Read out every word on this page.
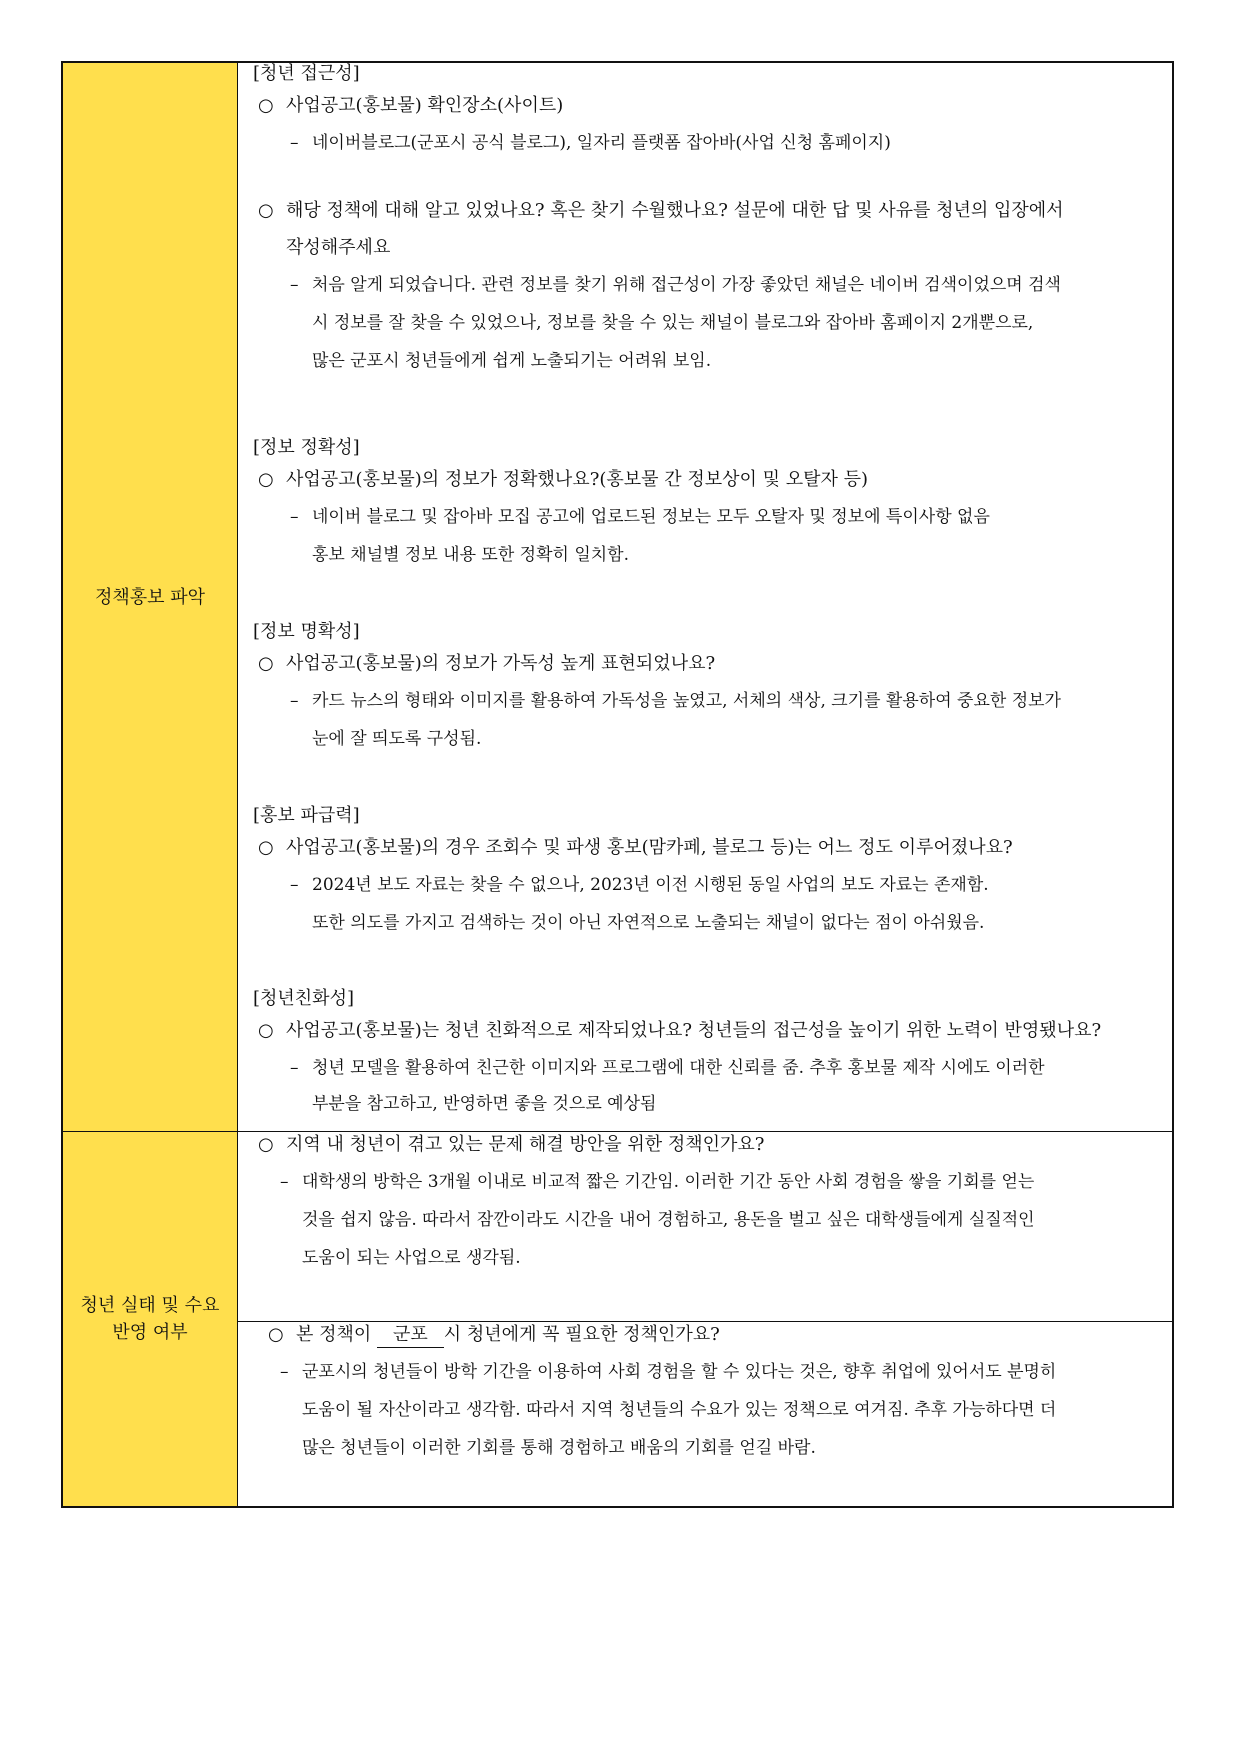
정책홍보 파악
[청년 접근성]
○ 사업공고(홍보물) 확인장소(사이트)
– 네이버블로그(군포시 공식 블로그), 일자리 플랫폼 잡아바(사업 신청 홈페이지)
○ 해당 정책에 대해 알고 있었나요? 혹은 찾기 수월했나요? 설문에 대한 답 및 사유를 청년의 입장에서
작성해주세요
– 처음 알게 되었습니다. 관련 정보를 찾기 위해 접근성이 가장 좋았던 채널은 네이버 검색이었으며 검색
시 정보를 잘 찾을 수 있었으나, 정보를 찾을 수 있는 채널이 블로그와 잡아바 홈페이지 2개뿐으로,
많은 군포시 청년들에게 쉽게 노출되기는 어려워 보임.
[정보 정확성]
○ 사업공고(홍보물)의 정보가 정확했나요?(홍보물 간 정보상이 및 오탈자 등)
– 네이버 블로그 및 잡아바 모집 공고에 업로드된 정보는 모두 오탈자 및 정보에 특이사항 없음
홍보 채널별 정보 내용 또한 정확히 일치함.
[정보 명확성]
○ 사업공고(홍보물)의 정보가 가독성 높게 표현되었나요?
– 카드 뉴스의 형태와 이미지를 활용하여 가독성을 높였고, 서체의 색상, 크기를 활용하여 중요한 정보가
눈에 잘 띄도록 구성됨.
[홍보 파급력]
○ 사업공고(홍보물)의 경우 조회수 및 파생 홍보(맘카페, 블로그 등)는 어느 정도 이루어졌나요?
– 2024년 보도 자료는 찾을 수 없으나, 2023년 이전 시행된 동일 사업의 보도 자료는 존재함.
또한 의도를 가지고 검색하는 것이 아닌 자연적으로 노출되는 채널이 없다는 점이 아쉬웠음.
[청년친화성]
○ 사업공고(홍보물)는 청년 친화적으로 제작되었나요? 청년들의 접근성을 높이기 위한 노력이 반영됐나요?
– 청년 모델을 활용하여 친근한 이미지와 프로그램에 대한 신뢰를 줌. 추후 홍보물 제작 시에도 이러한
부분을 참고하고, 반영하면 좋을 것으로 예상됨
청년 실태 및 수요
반영 여부
○ 지역 내 청년이 겪고 있는 문제 해결 방안을 위한 정책인가요?
– 대학생의 방학은 3개월 이내로 비교적 짧은 기간임. 이러한 기간 동안 사회 경험을 쌓을 기회를 얻는
것을 쉽지 않음. 따라서 잠깐이라도 시간을 내어 경험하고, 용돈을 벌고 싶은 대학생들에게 실질적인
도움이 되는 사업으로 생각됨.
○ 본 정책이 군포 시 청년에게 꼭 필요한 정책인가요?
– 군포시의 청년들이 방학 기간을 이용하여 사회 경험을 할 수 있다는 것은, 향후 취업에 있어서도 분명히
도움이 될 자산이라고 생각함. 따라서 지역 청년들의 수요가 있는 정책으로 여겨짐. 추후 가능하다면 더
많은 청년들이 이러한 기회를 통해 경험하고 배움의 기회를 얻길 바람.
